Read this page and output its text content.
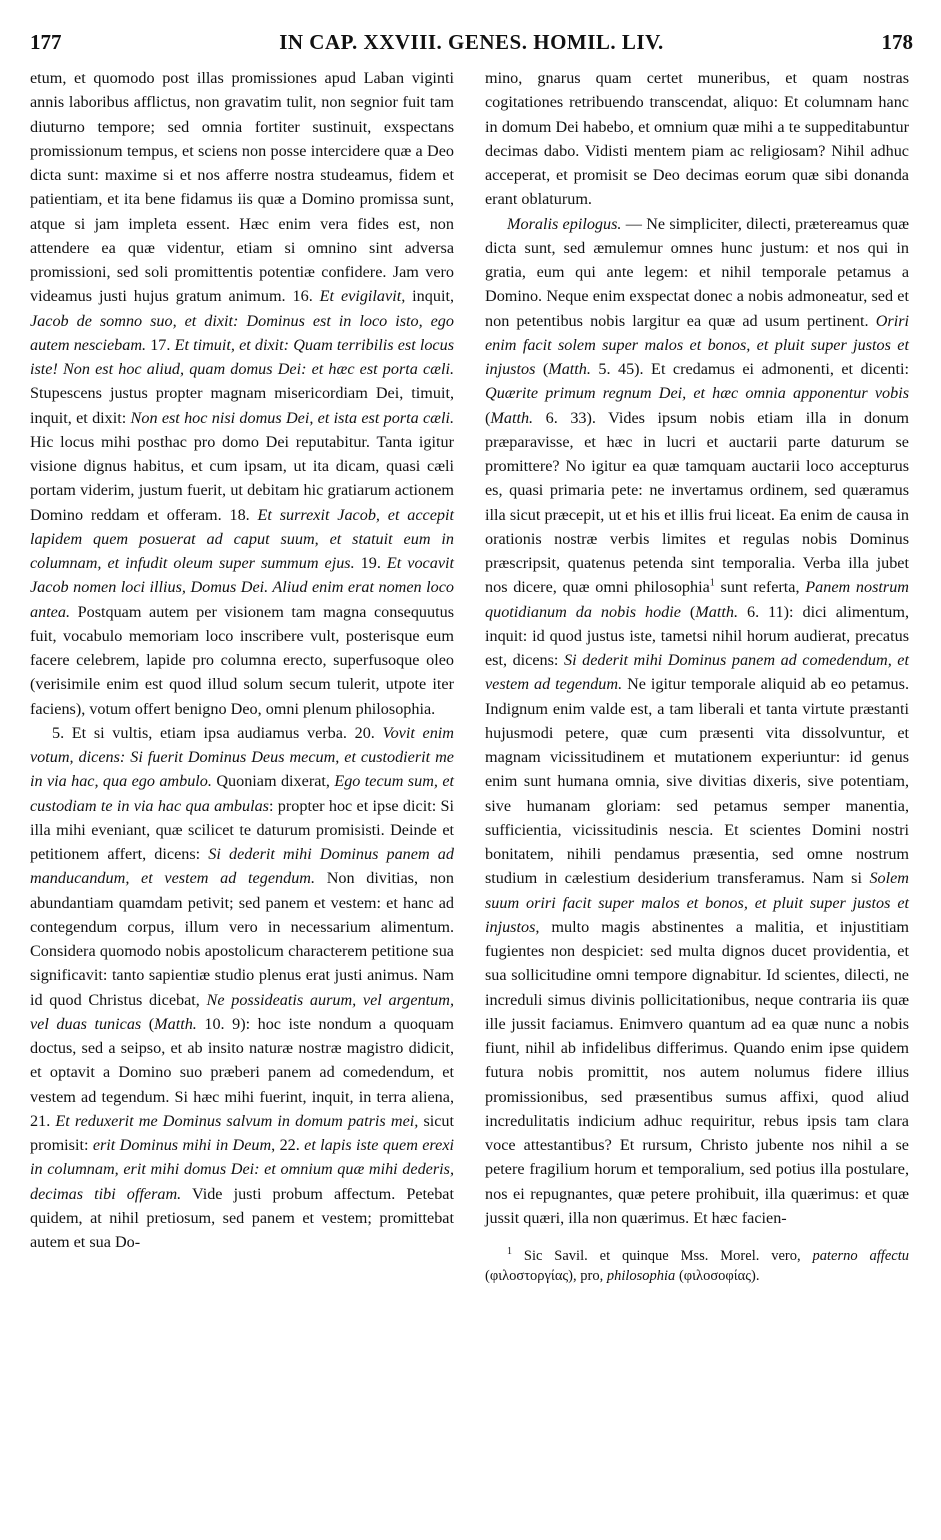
177	IN CAP. XXVIII. GENES. HOMIL. LIV.	178

etum, et quomodo post illas promissiones apud Laban viginti annis laboribus afflictus, non gravatim tulit, non segnior fuit tam diuturno tempore; sed omnia fortiter sustinuit, exspectans promissionum tempus, et sciens non posse intercidere quæ a Deo dicta sunt: maxime si et nos afferre nostra studeamus, fidem et patientiam, et ita bene fidamus iis quæ a Domino promissa sunt, atque si jam impleta essent. Hæc enim vera fides est, non attendere ea quæ videntur, etiam si omnino sint adversa promissioni, sed soli promittentis potentiæ confidere. Jam vero videamus justi hujus gratum animum. 16. Et evigilavit, inquit, Jacob de somno suo, et dixit: Dominus est in loco isto, ego autem nesciebam. 17. Et timuit, et dixit: Quam terribilis est locus iste! Non est hoc aliud, quam domus Dei: et hæc est porta cæli. Stupescens justus propter magnam misericordiam Dei, timuit, inquit, et dixit: Non est hoc nisi domus Dei, et ista est porta cæli. Hic locus mihi posthac pro domo Dei reputabitur. Tanta igitur visione dignus habitus, et cum ipsam, ut ita dicam, quasi cæli portam viderim, justum fuerit, ut debitam hic gratiarum actionem Domino reddam et offeram. 18. Et surrexit Jacob, et accepit lapidem quem posuerat ad caput suum, et statuit eum in columnam, et infudit oleum super summum ejus. 19. Et vocavit Jacob nomen loci illius, Domus Dei. Aliud enim erat nomen loco antea. Postquam autem per visionem tam magna consequutus fuit, vocabulo memoriam loco inscribere vult, posterisque eum facere celebrem, lapide pro columna erecto, superfusoque oleo (verisimile enim est quod illud solum secum tulerit, utpote iter faciens), votum offert benigno Deo, omni plenum philosophia.

5. Et si vultis, etiam ipsa audiamus verba. 20. Vovit enim votum, dicens: Si fuerit Dominus Deus mecum, et custodierit me in via hac, qua ego ambulo. Quoniam dixerat, Ego tecum sum, et custodiam te in via hac qua ambulas: propter hoc et ipse dicit: Si illa mihi eveniant, quæ scilicet te daturum promisisti. Deinde et petitionem affert, dicens: Si dederit mihi Dominus panem ad manducandum, et vestem ad tegendum. Non divitias, non abundantiam quamdam petivit; sed panem et vestem: et hanc ad contegendum corpus, illum vero in necessarium alimentum. Considera quomodo nobis apostolicum characterem petitione sua significavit: tanto sapientiæ studio plenus erat justi animus. Nam id quod Christus dicebat, Ne possideatis aurum, vel argentum, vel duas tunicas (Matth. 10. 9): hoc iste nondum a quoquam doctus, sed a seipso, et ab insito naturæ nostræ magistro didicit, et optavit a Domino suo præberi panem ad comedendum, et vestem ad tegendum. Si hæc mihi fuerint, inquit, in terra aliena, 21. Et reduxerit me Dominus salvum in domum patris mei, sicut promisit: erit Dominus mihi in Deum, 22. et lapis iste quem erexi in columnam, erit mihi domus Dei: et omnium quæ mihi dederis, decimas tibi offeram. Vide justi probum affectum. Petebat quidem, at nihil pretiosum, sed panem et vestem; promittebat autem et sua Do-

mino, gnarus quam certet muneribus, et quam nostras cogitationes retribuendo transcendat, aliquo: Et columnam hanc in domum Dei habebo, et omnium quæ mihi a te suppeditabuntur decimas dabo. Vidisti mentem piam ac religiosam? Nihil adhuc acceperat, et promisit se Deo decimas eorum quæ sibi donanda erant oblaturum.

Moralis epilogus. — Ne simpliciter, dilecti, prætereamus quæ dicta sunt, sed æmulemur omnes hunc justum: et nos qui in gratia, eum qui ante legem: et nihil temporale petamus a Domino. Neque enim exspectat donec a nobis admoneatur, sed et non petentibus nobis largitur ea quæ ad usum pertinent. Oriri enim facit solem super malos et bonos, et pluit super justos et injustos (Matth. 5. 45). Et credamus ei admonenti, et dicenti: Quærite primum regnum Dei, et hæc omnia apponentur vobis (Matth. 6. 33). Vides ipsum nobis etiam illa in donum præparavisse, et hæc in lucri et auctarii parte daturum se promittere? No igitur ea quæ tamquam auctarii loco accepturus es, quasi primaria pete: ne invertamus ordinem, sed quæramus illa sicut præcepit, ut et his et illis frui liceat. Ea enim de causa in orationis nostræ verbis limites et regulas nobis Dominus præscripsit, quatenus petenda sint temporalia. Verba illa jubet nos dicere, quæ omni philosophia$^1$ sunt referta, Panem nostrum quotidianum da nobis hodie (Matth. 6. 11): dici alimentum, inquit: id quod justus iste, tametsi nihil horum audierat, precatus est, dicens: Si dederit mihi Dominus panem ad comedendum, et vestem ad tegendum. Ne igitur temporale aliquid ab eo petamus. Indignum enim valde est, a tam liberali et tanta virtute præstanti hujusmodi petere, quæ cum præsenti vita dissolvuntur, et magnam vicissitudinem et mutationem experiuntur: id genus enim sunt humana omnia, sive divitias dixeris, sive potentiam, sive humanam gloriam: sed petamus semper manentia, sufficientia, vicissitudinis nescia. Et scientes Domini nostri bonitatem, nihili pendamus præsentia, sed omne nostrum studium in cælestium desiderium transferamus. Nam si Solem suum oriri facit super malos et bonos, et pluit super justos et injustos, multo magis abstinentes a malitia, et injustitiam fugientes non despiciet: sed multa dignos ducet providentia, et sua sollicitudine omni tempore dignabitur. Id scientes, dilecti, ne increduli simus divinis pollicitationibus, neque contraria iis quæ ille jussit faciamus. Enimvero quantum ad ea quæ nunc a nobis fiunt, nihil ab infidelibus differimus. Quando enim ipse quidem futura nobis promittit, nos autem nolumus fidere illius promissionibus, sed præsentibus sumus affixi, quod aliud incredulitatis indicium adhuc requiritur, rebus ipsis tam clara voce attestantibus? Et rursum, Christo jubente nos nihil a se petere fragilium horum et temporalium, sed potius illa postulare, nos ei repugnantes, quæ petere prohibuit, illa quærimus: et quæ jussit quæri, illa non quærimus. Et hæc facien-

$^1$ Sic Savil. et quinque Mss. Morel. vero, paterno affectu (φιλοστοργίας), pro, philosophia (φιλοσοφίας).
